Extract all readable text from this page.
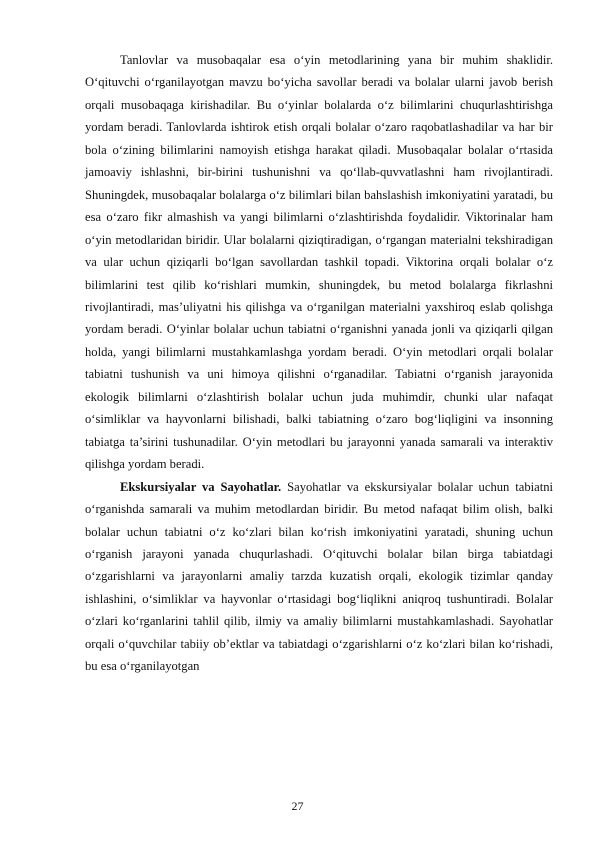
Tanlovlar va musobaqalar esa o‘yin metodlarining yana bir muhim shaklidir. O‘qituvchi o‘rganilayotgan mavzu bo‘yicha savollar beradi va bolalar ularni javob berish orqali musobaqaga kirishadilar. Bu o‘yinlar bolalarda o‘z bilimlarini chuqurlashtirishga yordam beradi. Tanlovlarda ishtirok etish orqali bolalar o‘zaro raqobatlashadilar va har bir bola o‘zining bilimlarini namoyish etishga harakat qiladi. Musobaqalar bolalar o‘rtasida jamoaviy ishlashni, bir-birini tushunishni va qo‘llab-quvvatlashni ham rivojlantiradi. Shuningdek, musobaqalar bolalarga o‘z bilimlari bilan bahslashish imkoniyatini yaratadi, bu esa o‘zaro fikr almashish va yangi bilimlarni o‘zlashtirishda foydalidir. Viktorinalar ham o‘yin metodlaridan biridir. Ular bolalarni qiziqtiradigan, o‘rgangan materialni tekshiradigan va ular uchun qiziqarli bo‘lgan savollardan tashkil topadi. Viktorina orqali bolalar o‘z bilimlarini test qilib ko‘rishlari mumkin, shuningdek, bu metod bolalarga fikrlashni rivojlantiradi, mas’uliyatni his qilishga va o‘rganilgan materialni yaxshiroq eslab qolishga yordam beradi. O‘yinlar bolalar uchun tabiatni o‘rganishni yanada jonli va qiziqarli qilgan holda, yangi bilimlarni mustahkamlashga yordam beradi. O‘yin metodlari orqali bolalar tabiatni tushunish va uni himoya qilishni o‘rganadilar. Tabiatni o‘rganish jarayonida ekologik bilimlarni o‘zlashtirish bolalar uchun juda muhimdir, chunki ular nafaqat o‘simliklar va hayvonlarni bilishadi, balki tabiatning o‘zaro bog‘liqligini va insonning tabiatga ta’sirini tushunadilar. O‘yin metodlari bu jarayonni yanada samarali va interaktiv qilishga yordam beradi.

Ekskursiyalar va Sayohatlar. Sayohatlar va ekskursiyalar bolalar uchun tabiatni o‘rganishda samarali va muhim metodlardan biridir. Bu metod nafaqat bilim olish, balki bolalar uchun tabiatni o‘z ko‘zlari bilan ko‘rish imkoniyatini yaratadi, shuning uchun o‘rganish jarayoni yanada chuqurlashadi. O‘qituvchi bolalar bilan birga tabiatdagi o‘zgarishlarni va jarayonlarni amaliy tarzda kuzatish orqali, ekologik tizimlar qanday ishlashini, o‘simliklar va hayvonlar o‘rtasidagi bog‘liqlikni aniqroq tushuntiradi. Bolalar o‘zlari ko‘rganlarini tahlil qilib, ilmiy va amaliy bilimlarni mustahkamlashadi. Sayohatlar orqali o‘quvchilar tabiiy ob’ektlar va tabiatdagi o‘zgarishlarni o‘z ko‘zlari bilan ko‘rishadi, bu esa o‘rganilayotgan

27
